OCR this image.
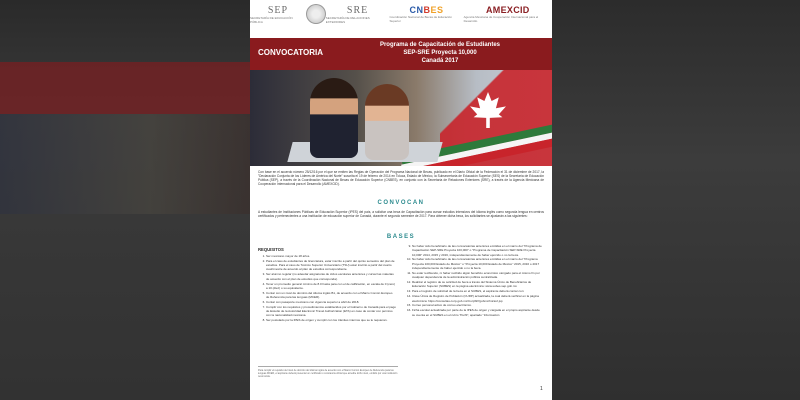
SEP
SECRETARÍA DE EDUCACIÓN PÚBLICA
SRE
SECRETARÍA DE RELACIONES EXTERIORES
CNBES
Coordinación Nacional de Becas de Educación Superior
AMEXCID
Agencia Mexicana de Cooperación Internacional para el Desarrollo
CONVOCATORIA
Programa de Capacitación de Estudiantes
SEP-SRE Proyecta 10,000
Canadá 2017
Con base en el acuerdo número 25/12/16 por el que se emiten las Reglas de Operación del Programa Nacional de Becas, publicado en el Diario Oficial de la Federación el 31 de diciembre de 2017, la "Declaración Conjunta de los Líderes de América del Norte" suscrita el 19 de febrero de 2014 en Toluca, Estado de México, la Subsecretaría de Educación Superior (SES) de la Secretaría de Educación Pública (SEP), a través de la Coordinación Nacional de Becas de Educación Superior (CNBES), en conjunto con la Secretaría de Relaciones Exteriores (SRE), a través de la Agencia Mexicana de Cooperación Internacional para el Desarrollo (AMEXCID).
CONVOCAN
A estudiantes de Instituciones Públicas de Educación Superior (IPES) del país, a solicitar una beca de Capacitación para cursar estudios intensivos del idioma inglés como segunda lengua en centros certificados y pertenecientes a una institución de educación superior de Canadá, durante el segundo semestre de 2017. Para obtener dicha beca, los solicitantes se ajustarán a las siguientes:
BASES
REQUISITOS
1. Ser mexicano mayor de 18 años.
2. Para el caso de estudiantes de licenciatura, estar inscrito a partir del quinto semestre del plan de estudios. Para el caso de Técnico Superior Universitario (TSU) estar inscrito a partir del cuarto cuatrimestre de acuerdo al plan de estudios correspondiente.
3. Ser alumno regular (no adeudar asignaturas de ciclos escolares anteriores y cursar las materias de acuerdo con el plan de estudios que corresponda).
4. Tener un promedio general mínimo de 8.0 hasta para con el de calificación, en escala de 0 (cero) a 10 (diez) o su equivalente.
5. Contar con un nivel de dominio del idioma inglés B1, de acuerdo con el Marco Común Europeo de Referencia para las lenguas (MCER).
6. Contar con pasaporte mexicano con vigencia superior a abril de 2018.
7. Cumplir con los requisitos y procedimientos establecidos por el Gobierno de Canadá para el pago de Estudio de la Autoridad Electronic Travel Authorization (ETA) en caso de contar con permiso con la nacionalidad mexicana.
8. Ser postulado por la IPES de origen y cumplir con los trámites internos que se le requieran.
9. No haber sido beneficiario de las convocatorias anteriores emitidas en el marco del "Programa de Capacitación SEP-SRE Proyecta 100,000" o "Programa de Capacitación SEP-SRE Proyecta 10,000" 2014, 2015 y 2016, independientemente de haber ejercido o no la beca.
10. No haber sido beneficiario de las convocatorias anteriores emitidas en el marco del "Programa Proyecta 100,000 Estado de México" o "Proyecta 10,000 Estado de México" 2015, 2016 o 2017 independientemente de haber ejercido o no la beca.
11. No estar recibiendo, ni haber recibido algún beneficio económico otorgado para el mismo fin por cualquier dependencia de la administración pública centralizada.
12. Realizar el registro de su solicitud de beca a través del Sistema Único de Beneficiarios de Educación Superior (SUBES) en la página electrónica: www.subes.sep.gob.mx
13. Para el registro de solicitud de la beca en el SUBES, el aspirante deberá contar con:
14. Clave Única de Registro de Población (CURP) actualizada, la cual deberá verificar en la página electrónica: https://consultas.curp.gob.mx/CurpSP/gobmx/Inicio2.jsp
15. Correo personal activo de correo electrónico.
16. Ficha escolar actualizada por parte de la IPES de origen y cargada en el propio aspirante desde su cuenta en el SUBES en el rubro "Perfil", apartado "Información
Para cumplir el requisito del nivel de dominio del idioma inglés de acuerdo con el Marco Común Europeo de Referencia para las lenguas MCER, el aspirante deberá presentar un certificado o constancia oficial que acredite dicho nivel, emitido por una institución reconocida.
1
